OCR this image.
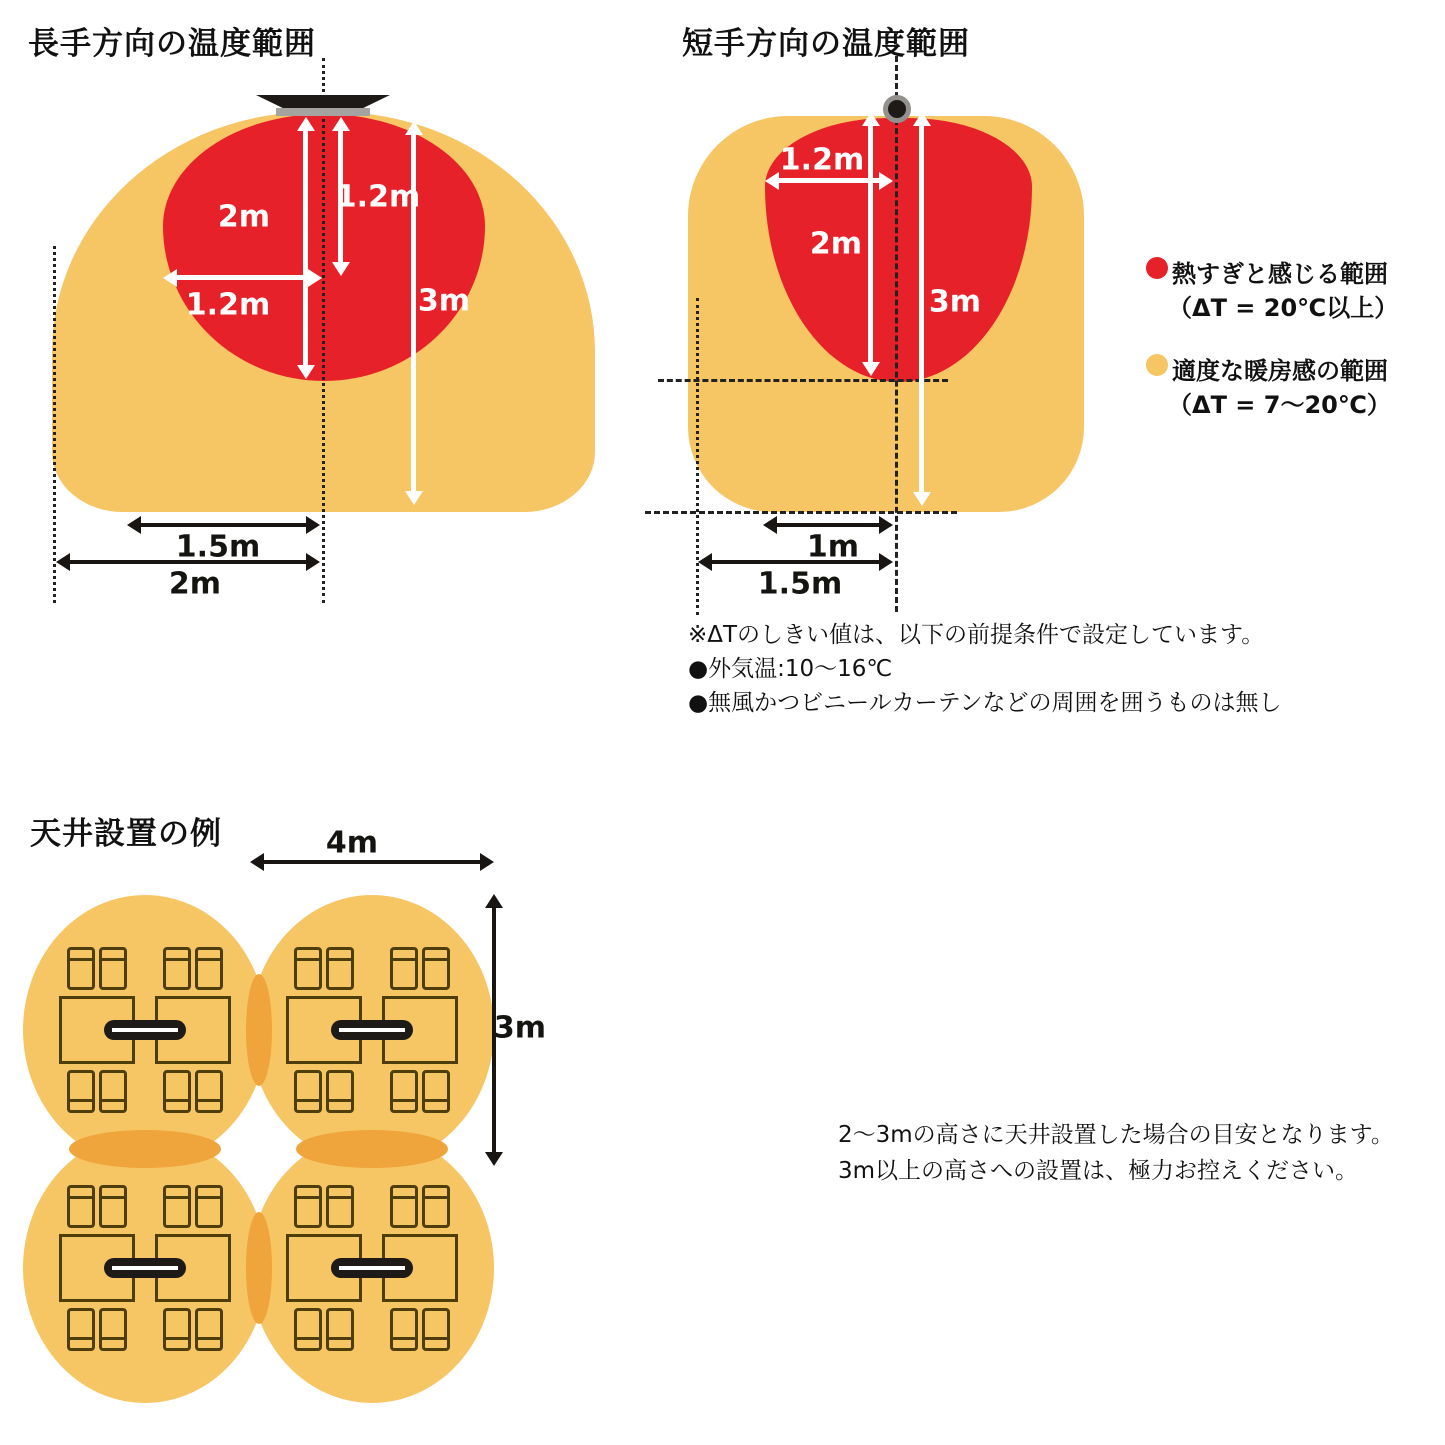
長手方向の温度範囲
2m
1.2m
1.2m	3m
1.5m
2m
短手方向の温度範囲
1.2m
2m
3m
1m
1.5m
熱すぎと感じる範囲
（ΔT = 20℃以上）
適度な暖房感の範囲
（ΔT = 7～20℃）
※ΔTのしきい値は、以下の前提条件で設定しています。
●外気温:10～16℃
●無風かつビニールカーテンなどの周囲を囲うものは無し
天井設置の例	4m
3m
2～3mの高さに天井設置した場合の目安となります。
3m以上の高さへの設置は、極力お控えください。
